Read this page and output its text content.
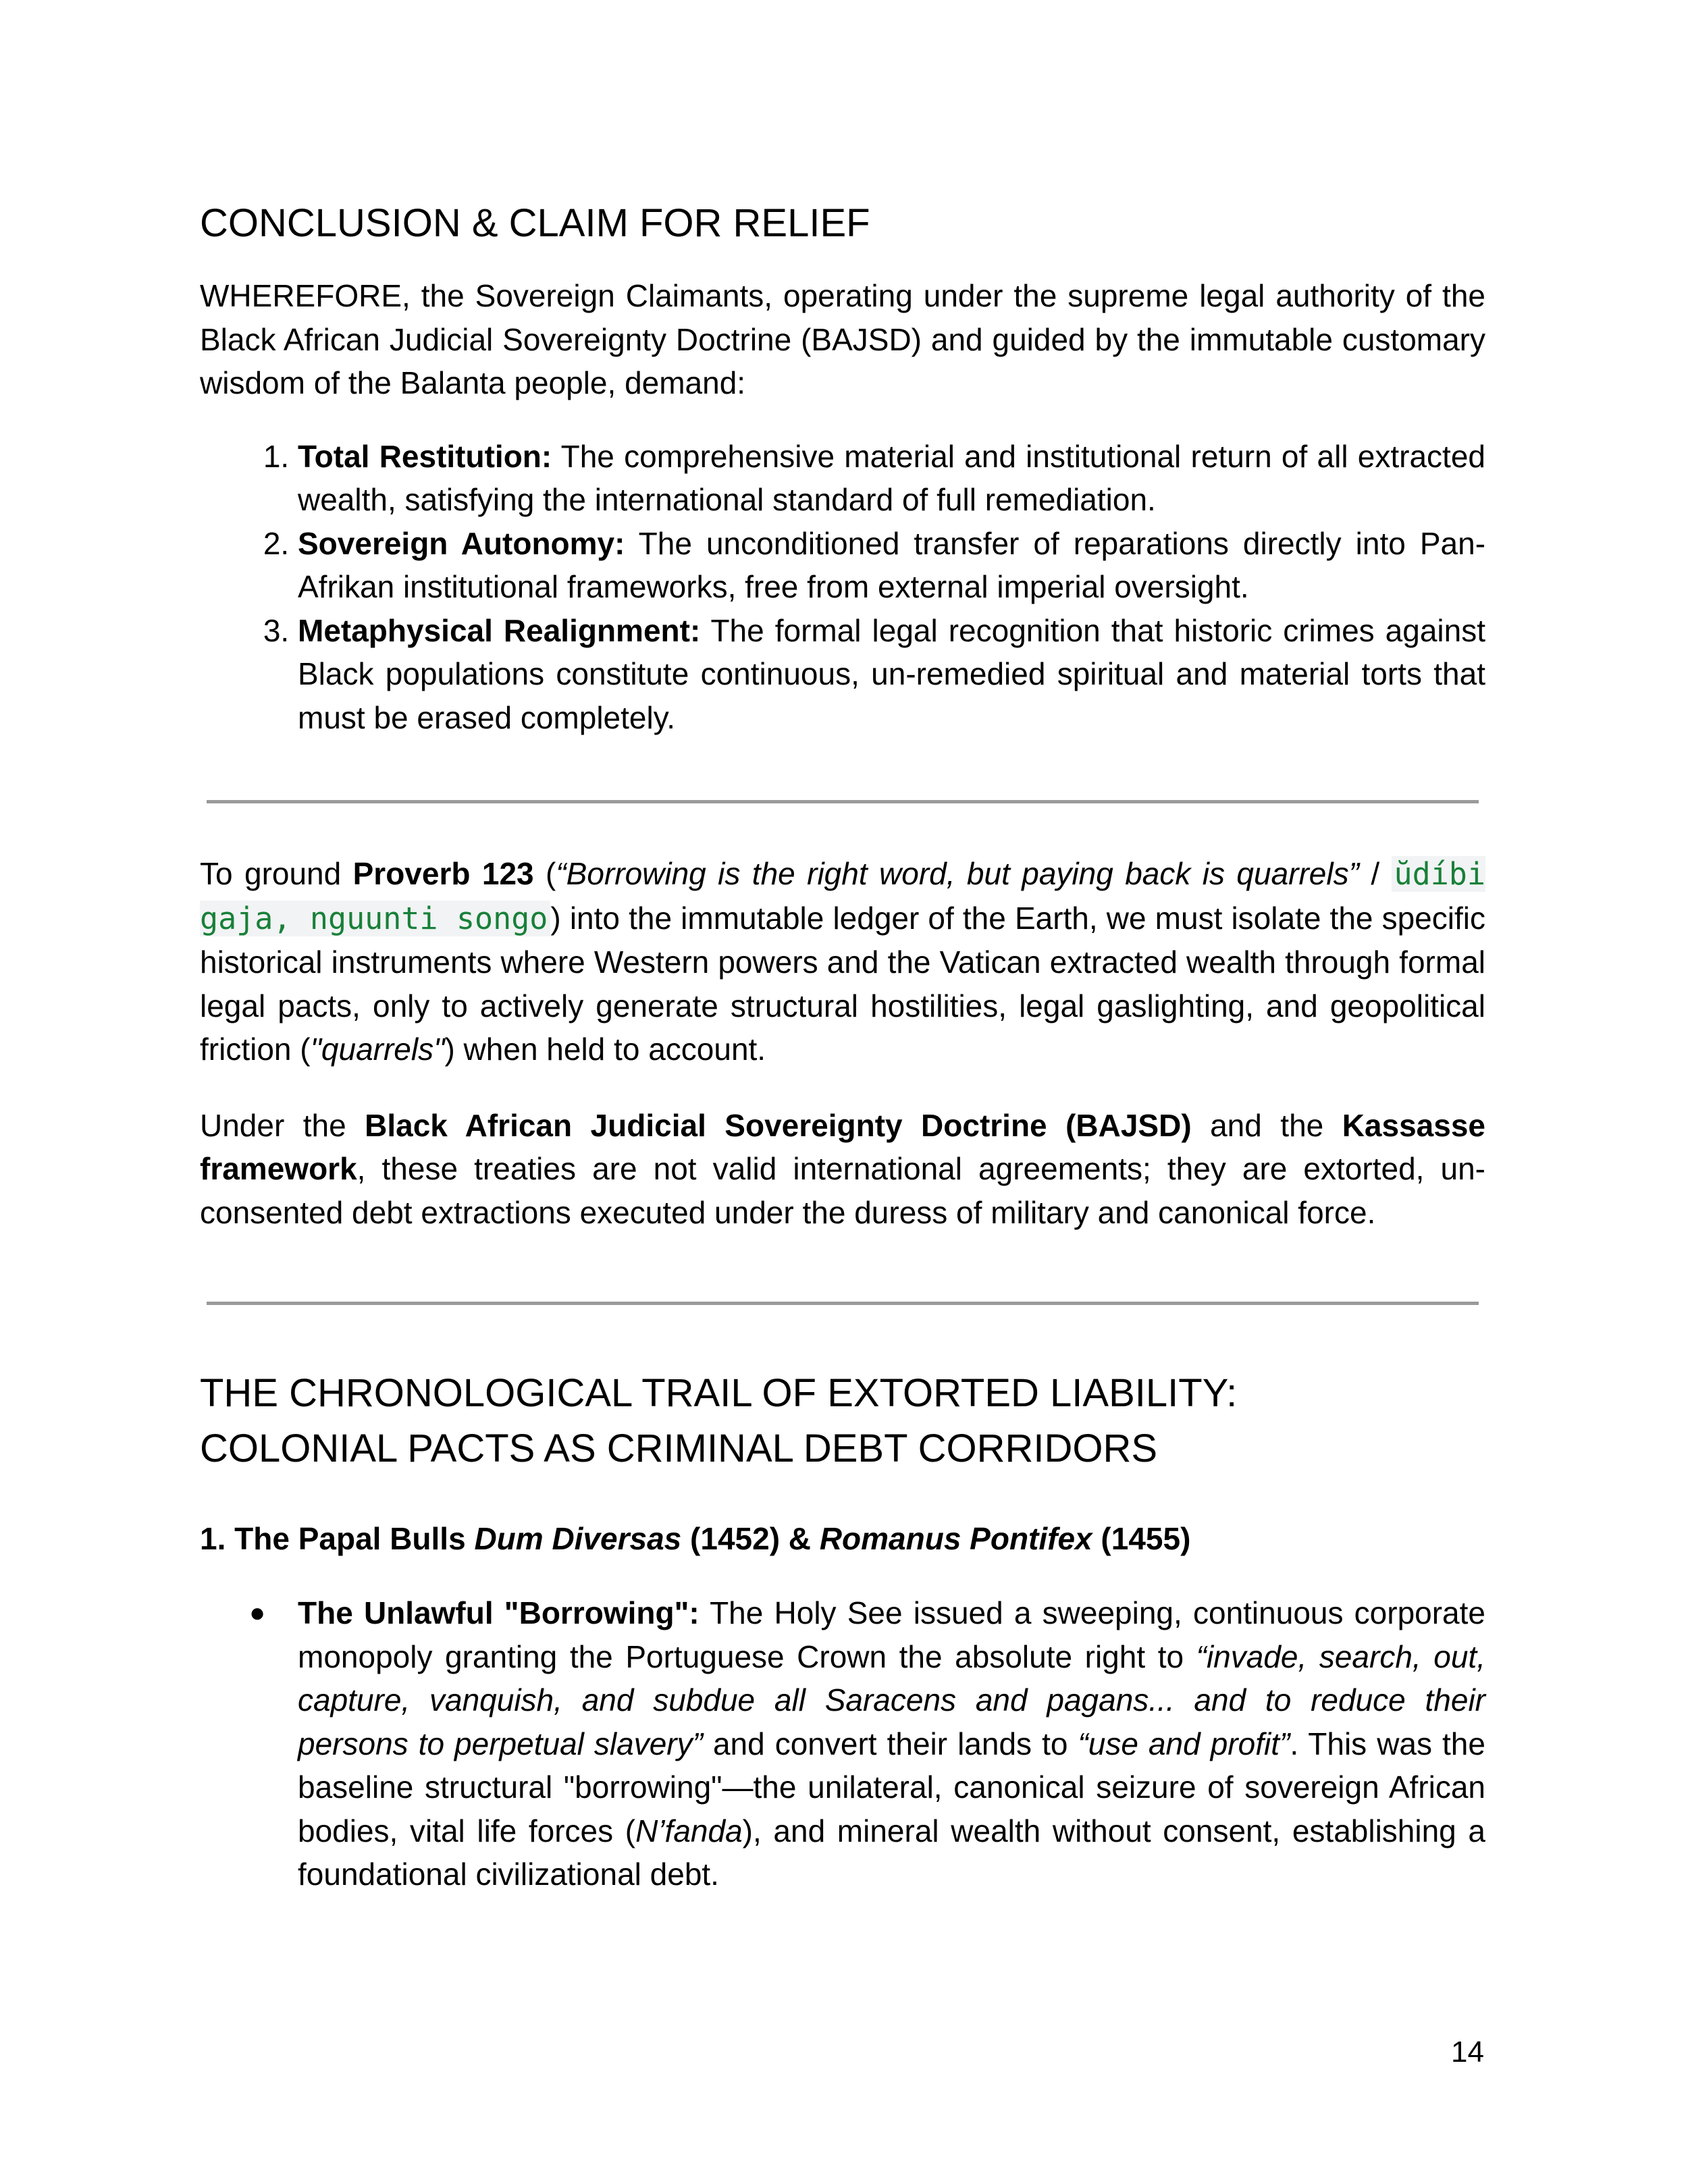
CONCLUSION & CLAIM FOR RELIEF

WHEREFORE, the Sovereign Claimants, operating under the supreme legal authority of the Black African Judicial Sovereignty Doctrine (BAJSD) and guided by the immutable customary wisdom of the Balanta people, demand:

1. Total Restitution: The comprehensive material and institutional return of all extracted wealth, satisfying the international standard of full remediation.
2. Sovereign Autonomy: The unconditioned transfer of reparations directly into Pan-Afrikan institutional frameworks, free from external imperial oversight.
3. Metaphysical Realignment: The formal legal recognition that historic crimes against Black populations constitute continuous, un-remedied spiritual and material torts that must be erased completely.

To ground Proverb 123 (“Borrowing is the right word, but paying back is quarrels” / ŭdíbi gaja, nguunti songo) into the immutable ledger of the Earth, we must isolate the specific historical instruments where Western powers and the Vatican extracted wealth through formal legal pacts, only to actively generate structural hostilities, legal gaslighting, and geopolitical friction ("quarrels") when held to account.

Under the Black African Judicial Sovereignty Doctrine (BAJSD) and the Kassasse framework, these treaties are not valid international agreements; they are extorted, un-consented debt extractions executed under the duress of military and canonical force.

THE CHRONOLOGICAL TRAIL OF EXTORTED LIABILITY:
COLONIAL PACTS AS CRIMINAL DEBT CORRIDORS

1. The Papal Bulls Dum Diversas (1452) & Romanus Pontifex (1455)

● The Unlawful "Borrowing": The Holy See issued a sweeping, continuous corporate monopoly granting the Portuguese Crown the absolute right to “invade, search, out, capture, vanquish, and subdue all Saracens and pagans... and to reduce their persons to perpetual slavery” and convert their lands to “use and profit”. This was the baseline structural "borrowing"—the unilateral, canonical seizure of sovereign African bodies, vital life forces (N’fanda), and mineral wealth without consent, establishing a foundational civilizational debt.
14
